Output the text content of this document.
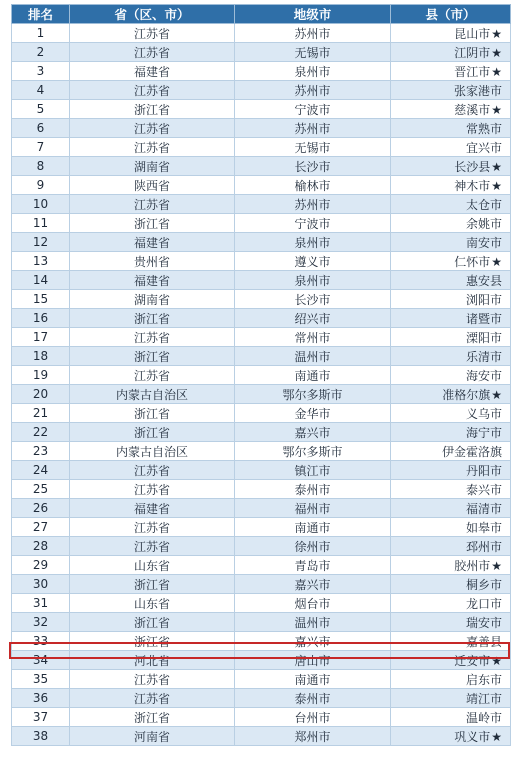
排名	省（区、市）	地级市	县（市）
1	江苏省	苏州市	昆山市★
2	江苏省	无锡市	江阴市★
3	福建省	泉州市	晋江市★
4	江苏省	苏州市	张家港市
5	浙江省	宁波市	慈溪市★
6	江苏省	苏州市	常熟市
7	江苏省	无锡市	宜兴市
8	湖南省	长沙市	长沙县★
9	陕西省	榆林市	神木市★
10	江苏省	苏州市	太仓市
11	浙江省	宁波市	余姚市
12	福建省	泉州市	南安市
13	贵州省	遵义市	仁怀市★
14	福建省	泉州市	惠安县
15	湖南省	长沙市	浏阳市
16	浙江省	绍兴市	诸暨市
17	江苏省	常州市	溧阳市
18	浙江省	温州市	乐清市
19	江苏省	南通市	海安市
20	内蒙古自治区	鄂尔多斯市	准格尔旗★
21	浙江省	金华市	义乌市
22	浙江省	嘉兴市	海宁市
23	内蒙古自治区	鄂尔多斯市	伊金霍洛旗
24	江苏省	镇江市	丹阳市
25	江苏省	泰州市	泰兴市
26	福建省	福州市	福清市
27	江苏省	南通市	如皋市
28	江苏省	徐州市	邳州市
29	山东省	青岛市	胶州市★
30	浙江省	嘉兴市	桐乡市
31	山东省	烟台市	龙口市
32	浙江省	温州市	瑞安市
33	浙江省	嘉兴市	嘉善县
34	河北省	唐山市	迁安市★
35	江苏省	南通市	启东市
36	江苏省	泰州市	靖江市
37	浙江省	台州市	温岭市
38	河南省	郑州市	巩义市★
